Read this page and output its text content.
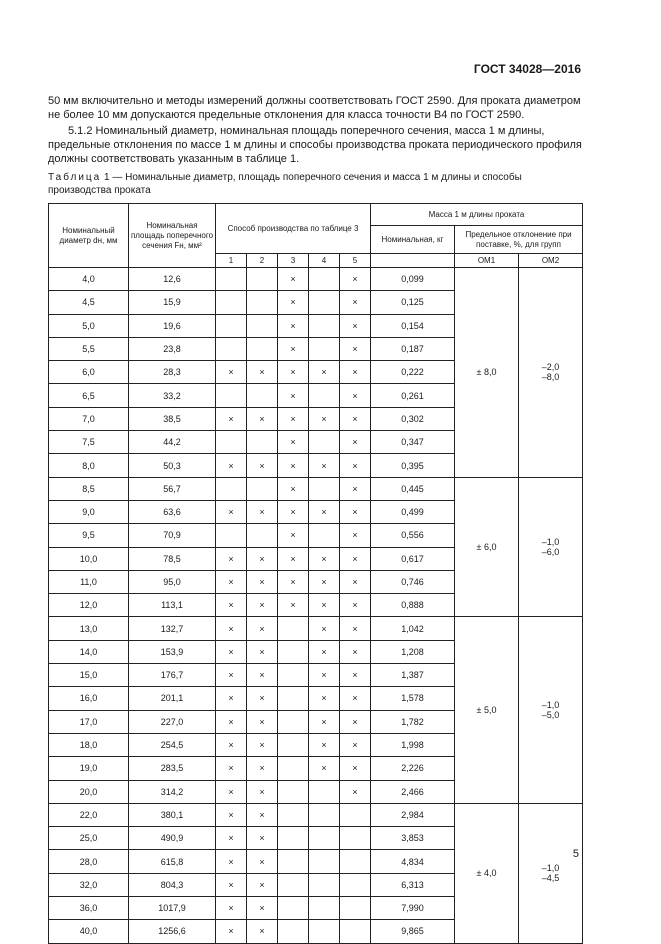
ГОСТ 34028—2016

50 мм включительно и методы измерений должны соответствовать ГОСТ 2590. Для проката диаметром не более 10 мм допускаются предельные отклонения для класса точности В4 по ГОСТ 2590.

5.1.2 Номинальный диаметр, номинальная площадь поперечного сечения, масса 1 м длины, предельные отклонения по массе 1 м длины и способы производства проката периодического профиля должны соответствовать указанным в таблице 1.

Таблица 1 — Номинальные диаметр, площадь поперечного сечения и масса 1 м длины и способы производства проката

Номинальный диаметр dн, мм	Номинальная площадь поперечного сечения Fн, мм²	Способ производства по таблице 3					Масса 1 м длины проката		
							Номинальная, кг	Предельное отклонение при поставке, %, для групп	
		1	2	3	4	5		ОМ1	ОМ2
4,0	12,6			×		×	0,099	± 8,0	–2,0
–8,0

4,5	15,9			×		×	0,125		
5,0	19,6			×		×	0,154		
5,5	23,8			×		×	0,187		
6,0	28,3	×	×	×	×	×	0,222		
6,5	33,2			×		×	0,261		
7,0	38,5	×	×	×	×	×	0,302		
7,5	44,2			×		×	0,347		
8,0	50,3	×	×	×	×	×	0,395		
8,5	56,7			×		×	0,445	± 6,0	–1,0
–6,0

9,0	63,6	×	×	×	×	×	0,499		
9,5	70,9			×		×	0,556		
10,0	78,5	×	×	×	×	×	0,617		
11,0	95,0	×	×	×	×	×	0,746		
12,0	113,1	×	×	×	×	×	0,888		
13,0	132,7	×	×		×	×	1,042	± 5,0	–1,0
–5,0

14,0	153,9	×	×		×	×	1,208		
15,0	176,7	×	×		×	×	1,387		
16,0	201,1	×	×		×	×	1,578		
17,0	227,0	×	×		×	×	1,782		
18,0	254,5	×	×		×	×	1,998		
19,0	283,5	×	×		×	×	2,226		
20,0	314,2	×	×			×	2,466		
22,0	380,1	×	×				2,984	± 4,0	–1,0
–4,5

25,0	490,9	×	×				3,853		
28,0	615,8	×	×				4,834		
32,0	804,3	×	×				6,313		
36,0	1017,9	×	×				7,990		
40,0	1256,6	×	×				9,865		
5
